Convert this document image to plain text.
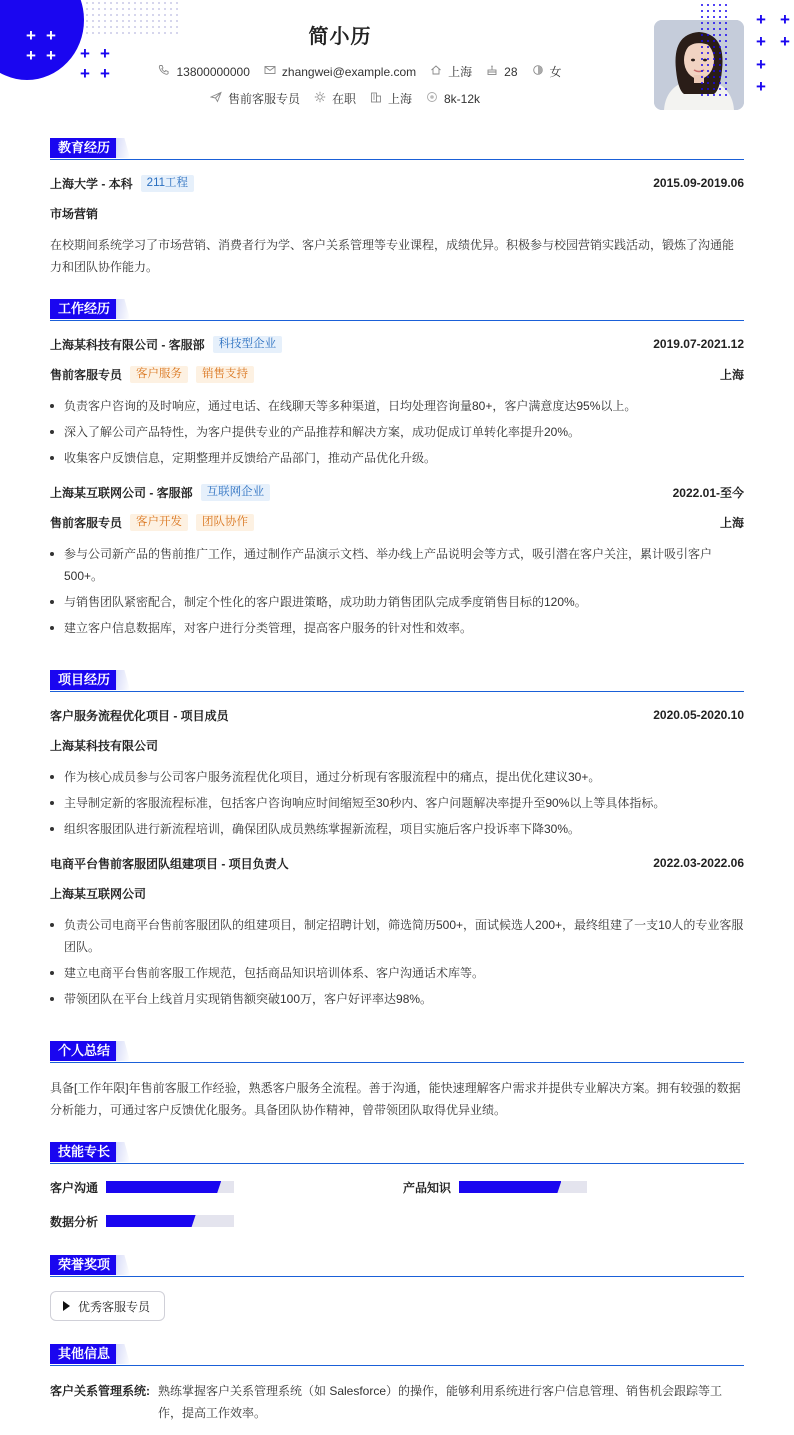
+ +
+ + + +
+ +
+ +
+ +
+
+
简小历
13800000000	zhangwei@example.com	上海	28	女
售前客服专员	在职	上海	8k-12k
教育经历
上海大学 - 本科	211工程	2015.09-2019.06
市场营销
在校期间系统学习了市场营销、消费者行为学、客户关系管理等专业课程，成绩优异。积极参与校园营销实践活动，锻炼了沟通能力和团队协作能力。
工作经历
上海某科技有限公司 - 客服部	科技型企业	2019.07-2021.12
售前客服专员	客户服务	销售支持	上海
负责客户咨询的及时响应，通过电话、在线聊天等多种渠道，日均处理咨询量80+，客户满意度达95%以上。
深入了解公司产品特性，为客户提供专业的产品推荐和解决方案，成功促成订单转化率提升20%。
收集客户反馈信息，定期整理并反馈给产品部门，推动产品优化升级。
上海某互联网公司 - 客服部	互联网企业	2022.01-至今
售前客服专员	客户开发	团队协作	上海
参与公司新产品的售前推广工作，通过制作产品演示文档、举办线上产品说明会等方式，吸引潜在客户关注，累计吸引客户500+。
与销售团队紧密配合，制定个性化的客户跟进策略，成功助力销售团队完成季度销售目标的120%。
建立客户信息数据库，对客户进行分类管理，提高客户服务的针对性和效率。
项目经历
客户服务流程优化项目 - 项目成员	2020.05-2020.10
上海某科技有限公司
作为核心成员参与公司客户服务流程优化项目，通过分析现有客服流程中的痛点，提出优化建议30+。
主导制定新的客服流程标准，包括客户咨询响应时间缩短至30秒内、客户问题解决率提升至90%以上等具体指标。
组织客服团队进行新流程培训，确保团队成员熟练掌握新流程，项目实施后客户投诉率下降30%。
电商平台售前客服团队组建项目 - 项目负责人	2022.03-2022.06
上海某互联网公司
负责公司电商平台售前客服团队的组建项目，制定招聘计划，筛选简历500+，面试候选人200+，最终组建了一支10人的专业客服团队。
建立电商平台售前客服工作规范，包括商品知识培训体系、客户沟通话术库等。
带领团队在平台上线首月实现销售额突破100万，客户好评率达98%。
个人总结
具备[工作年限]年售前客服工作经验，熟悉客户服务全流程。善于沟通，能快速理解客户需求并提供专业解决方案。拥有较强的数据分析能力，可通过客户反馈优化服务。具备团队协作精神，曾带领团队取得优异业绩。
技能专长
客户沟通	产品知识
数据分析
荣誉奖项
优秀客服专员
其他信息
客户关系管理系统: 熟练掌握客户关系管理系统（如 Salesforce）的操作，能够利用系统进行客户信息管理、销售机会跟踪等工作，提高工作效率。
